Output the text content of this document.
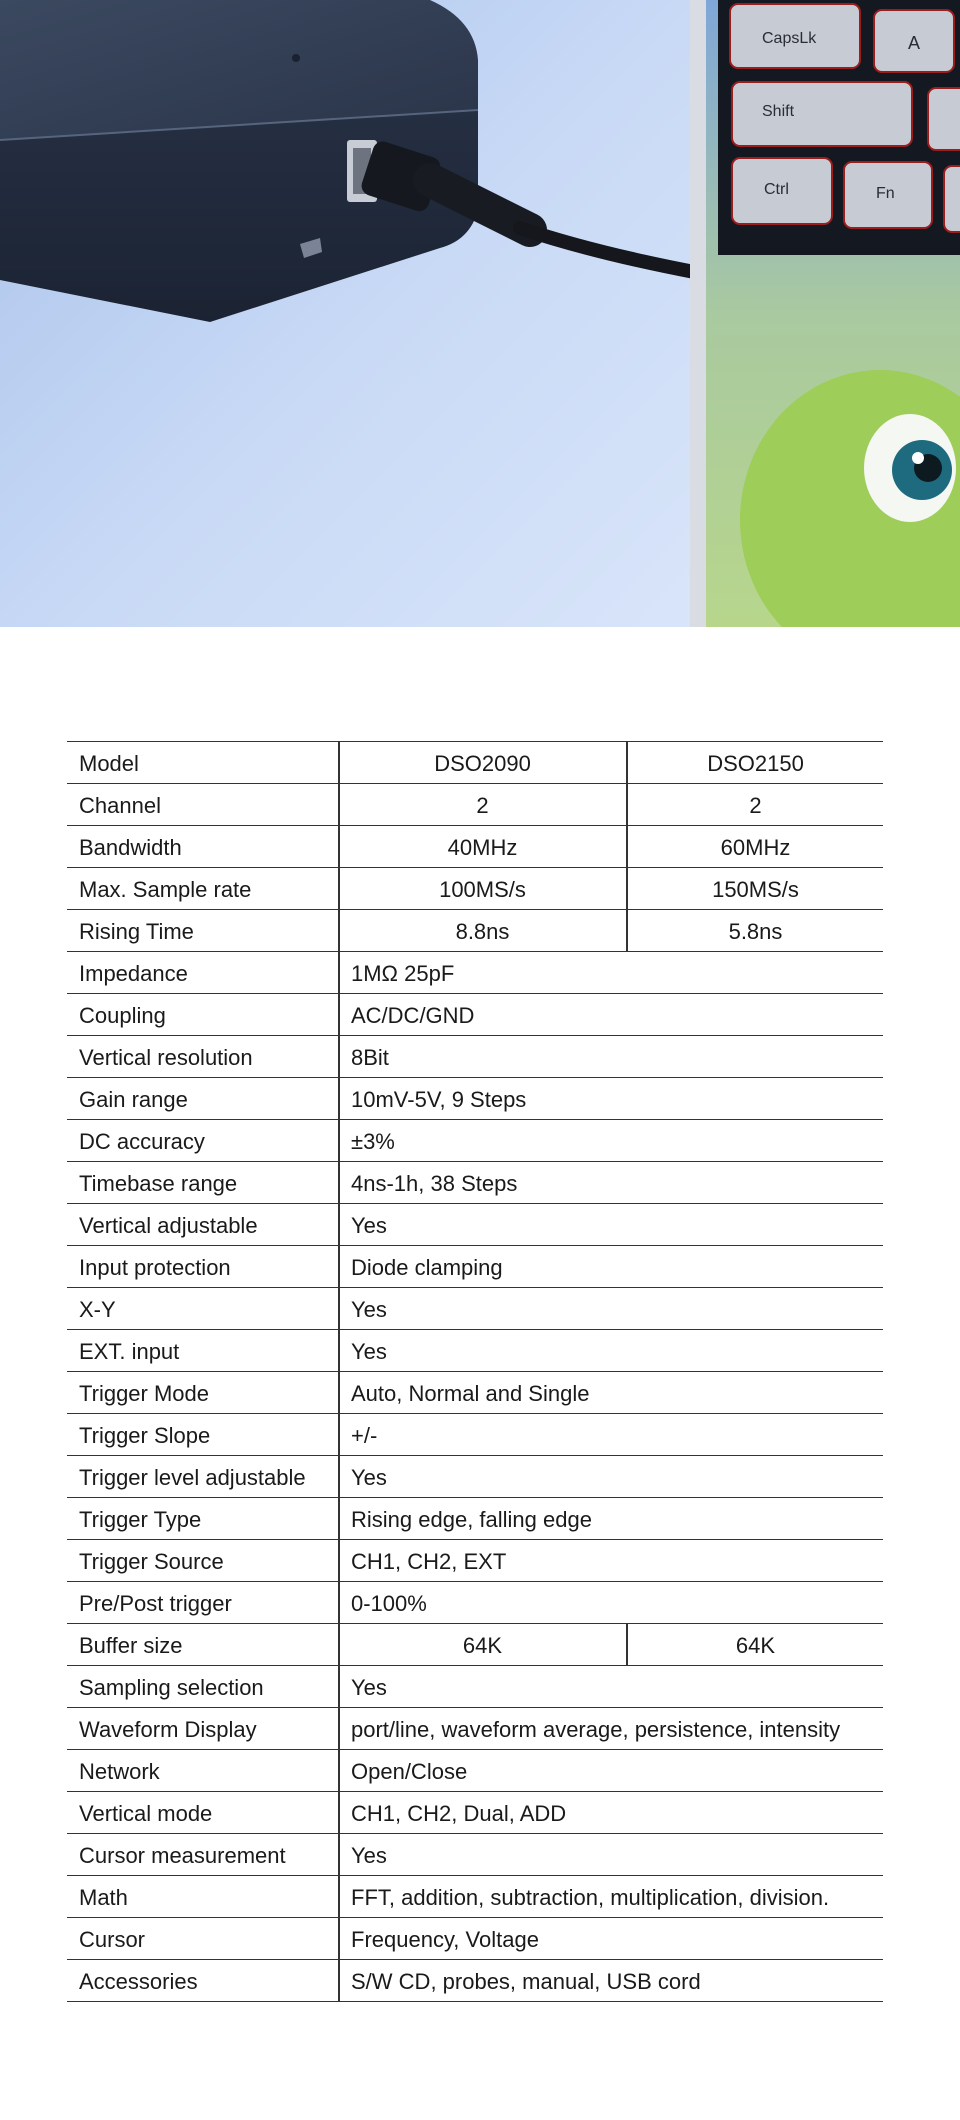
CapsLk	A
Shift
Ctrl	Fn
Model	DSO2090	DSO2150
Channel	2	2
Bandwidth	40MHz	60MHz
Max. Sample rate	100MS/s	150MS/s
Rising Time	8.8ns	5.8ns
Impedance	1MΩ 25pF
Coupling	AC/DC/GND
Vertical resolution	8Bit
Gain range	10mV-5V, 9 Steps
DC accuracy	±3%
Timebase range	4ns-1h, 38 Steps
Vertical adjustable	Yes
Input protection	Diode clamping
X-Y	Yes
EXT. input	Yes
Trigger Mode	Auto, Normal and Single
Trigger Slope	+/-
Trigger level adjustable	Yes
Trigger Type	Rising edge, falling edge
Trigger Source	CH1, CH2, EXT
Pre/Post trigger	0-100%
Buffer size	64K	64K
Sampling selection	Yes
Waveform Display	port/line, waveform average, persistence, intensity
Network	Open/Close
Vertical mode	CH1, CH2, Dual, ADD
Cursor measurement	Yes
Math	FFT, addition, subtraction, multiplication, division.
Cursor	Frequency, Voltage
Accessories	S/W CD, probes, manual, USB cord
